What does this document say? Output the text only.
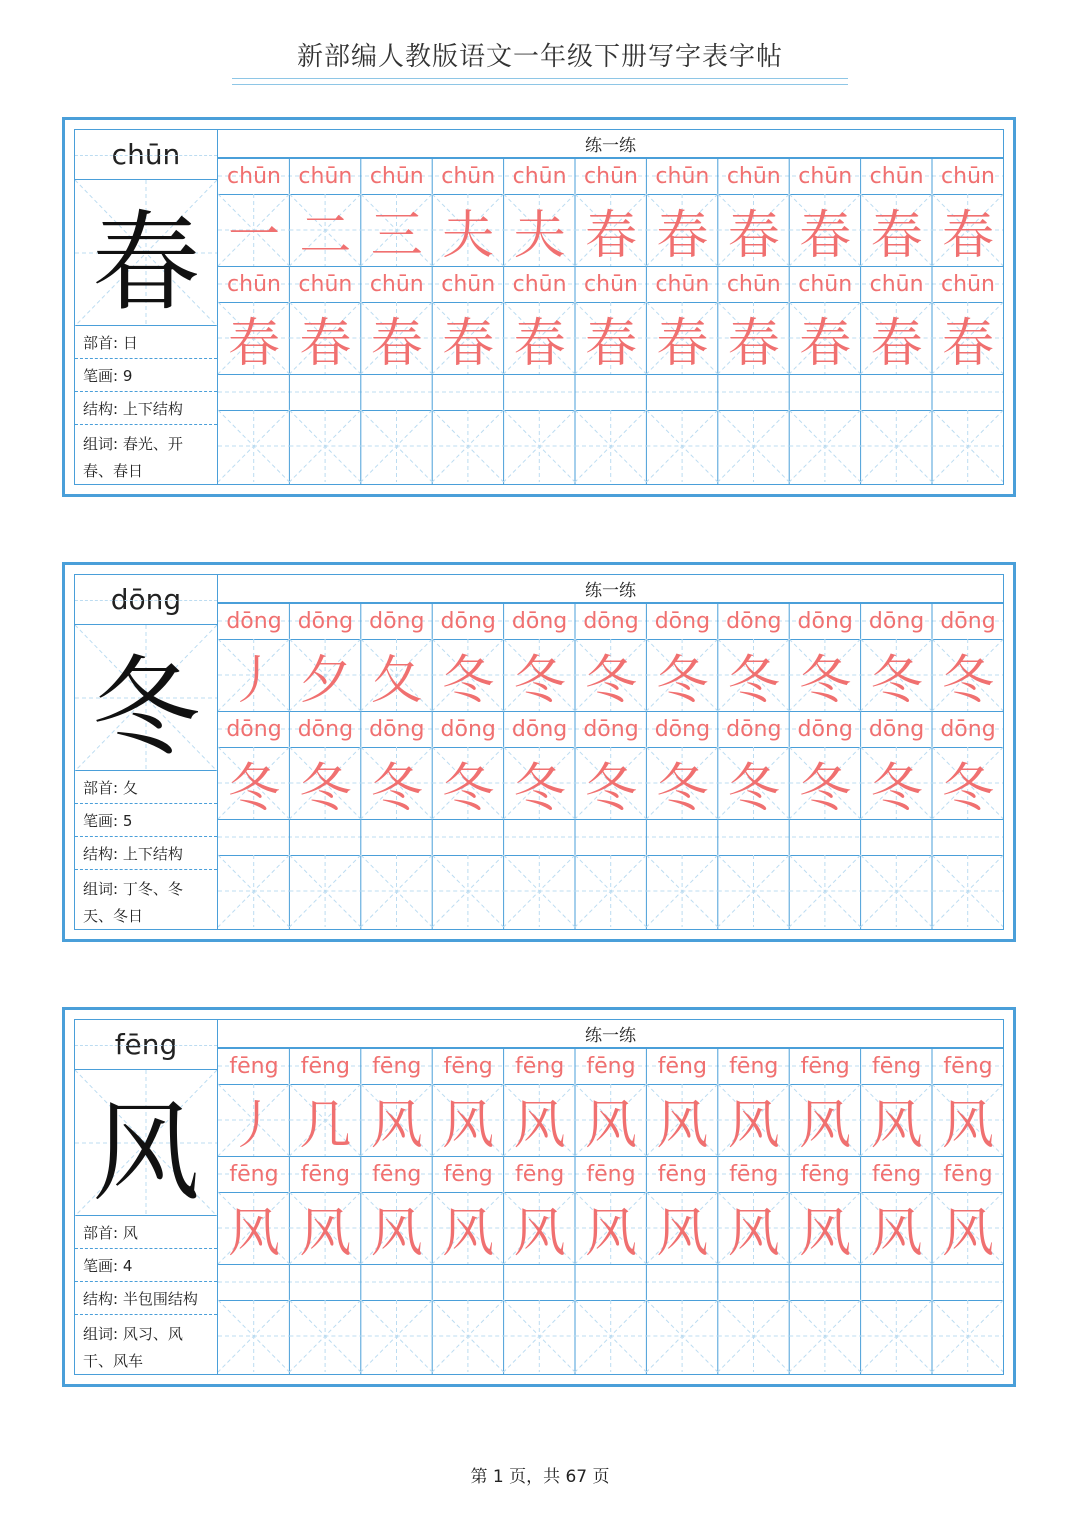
新部编人教版语文一年级下册写字表字帖
chūn
春
部首: 日
笔画: 9
结构: 上下结构
组词: 春光、开春、春日
练一练
chūn chūn chūn chūn chūn chūn chūn chūn chūn chūn chūn
chūn chūn chūn chūn chūn chūn chūn chūn chūn chūn chūn
一 二 三 夫 夫 春 春 春 春 春 春
春 春 春 春 春 春 春 春 春 春 春
dōng
冬
部首: 夂
笔画: 5
结构: 上下结构
组词: 丁冬、冬天、冬日
练一练
dōng dōng dōng dōng dōng dōng dōng dōng dōng dōng dōng
dōng dōng dōng dōng dōng dōng dōng dōng dōng dōng dōng
丿 夕 夂 冬 冬 冬 冬 冬 冬 冬 冬
冬 冬 冬 冬 冬 冬 冬 冬 冬 冬 冬
fēng
风
部首: 风
笔画: 4
结构: 半包围结构
组词: 风习、风干、风车
练一练
fēng	fēng	fēng	fēng	fēng	fēng	fēng	fēng	fēng	fēng	fēng
fēng	fēng	fēng	fēng	fēng	fēng	fēng	fēng	fēng	fēng	fēng
丿 几 风 风 风 风 风 风 风 风 风
风 风 风 风 风 风 风 风 风 风 风
第 1 页，共 67 页
